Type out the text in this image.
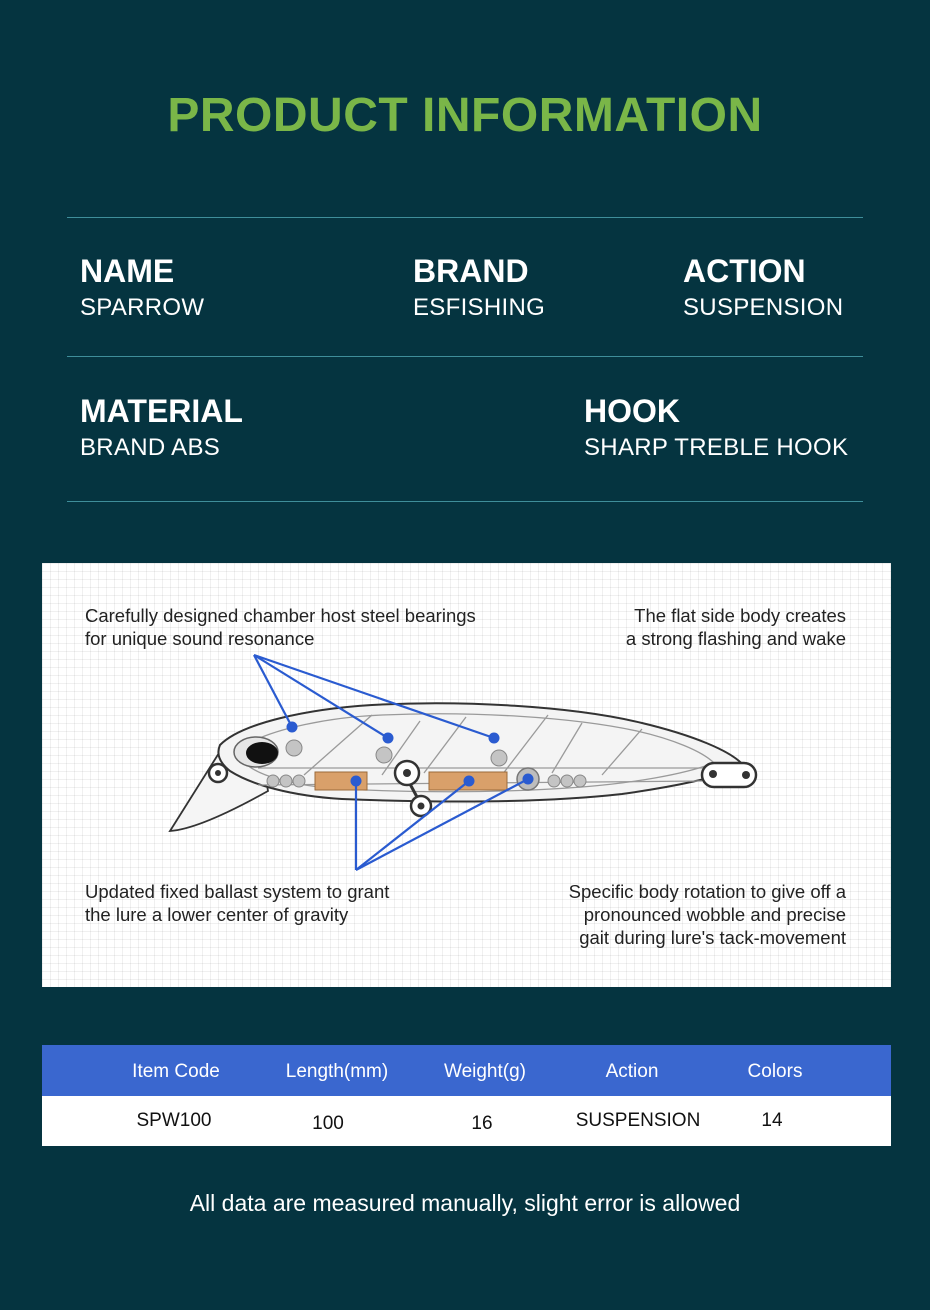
PRODUCT INFORMATION
NAME
SPARROW
BRAND
ESFISHING
ACTION
SUSPENSION
MATERIAL
BRAND ABS
HOOK
SHARP TREBLE HOOK
Carefully designed chamber host steel bearings
for unique sound resonance
The flat side body creates
a strong flashing and wake
Updated fixed ballast system to grant
the lure a lower center of gravity
Specific body rotation to give off a
pronounced wobble and precise
gait during lure's tack-movement
Item Code	Length(mm)	Weight(g)	Action	Colors
SPW100	100	16	SUSPENSION	14
All data are measured manually, slight error is allowed
